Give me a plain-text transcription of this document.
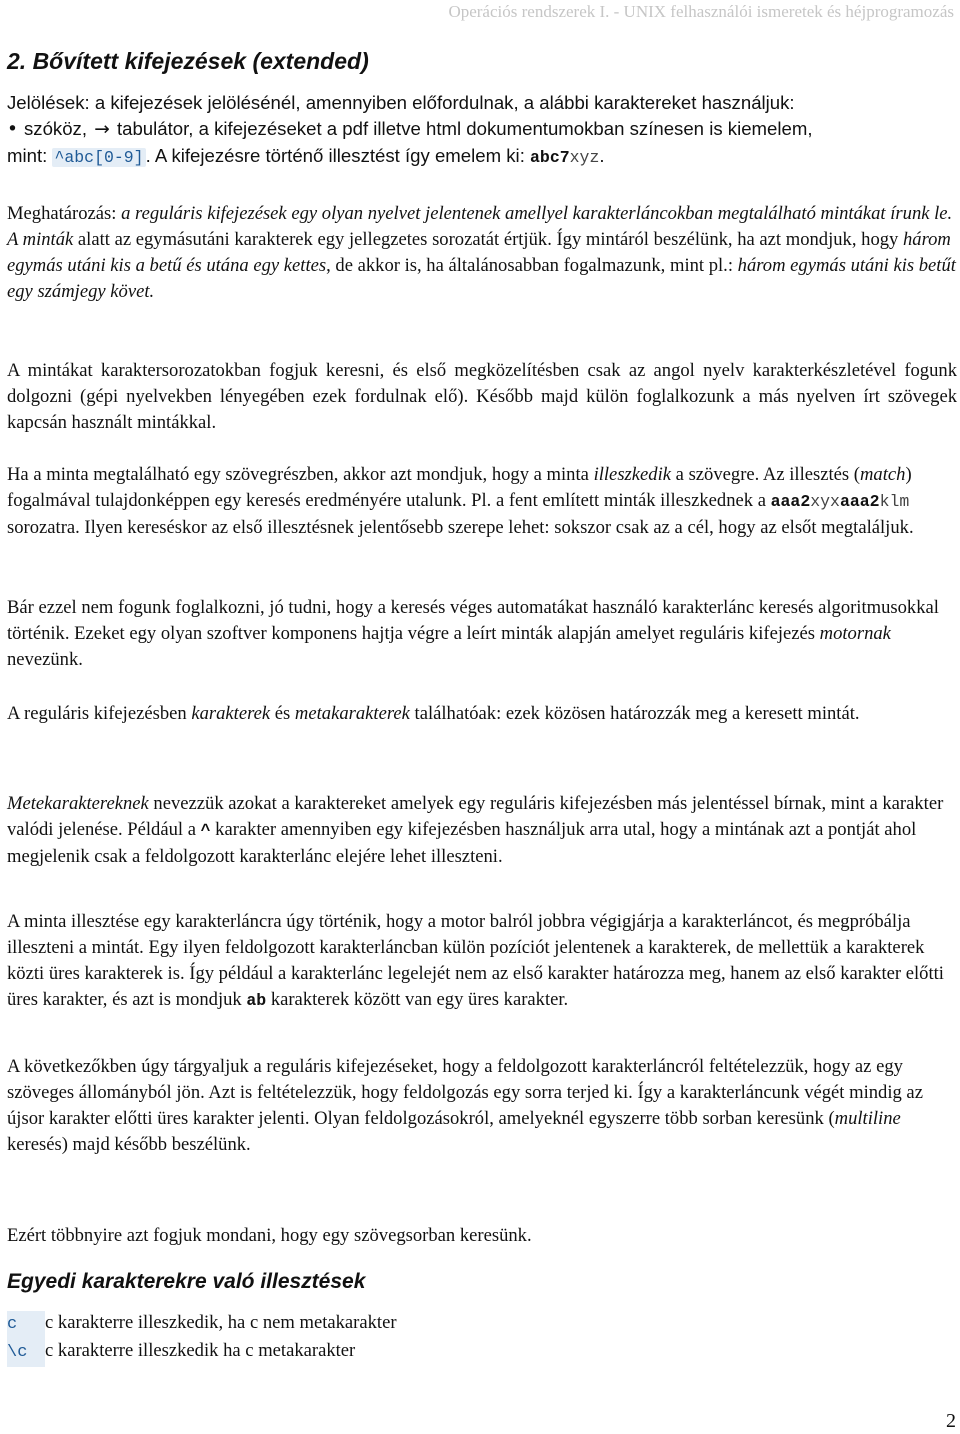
Operációs rendszerek I. - UNIX felhasználói ismeretek és héjprogramozás
2. Bővített kifejezések (extended)
Jelölések: a kifejezések jelölésénél, amennyiben előfordulnak, a alábbi karaktereket használjuk:
• szóköz, → tabulátor, a kifejezéseket a pdf illetve html dokumentumokban színesen is kiemelem,
mint: ^abc[0-9] . A kifejezésre történő illesztést így emelem ki: abc7xyz.
Meghatározás: a reguláris kifejezések egy olyan nyelvet jelentenek amellyel karakterláncokban megtalálható mintákat írunk le. A minták alatt az egymásutáni karakterek egy jellegzetes sorozatát értjük. Így mintáról beszélünk, ha azt mondjuk, hogy három egymás utáni kis a betű és utána egy kettes, de akkor is, ha általánosabban fogalmazunk, mint pl.: három egymás utáni kis betűt egy számjegy követ.
A mintákat karaktersorozatokban fogjuk keresni, és első megközelítésben csak az angol nyelv karakterkészletével fogunk dolgozni (gépi nyelvekben lényegében ezek fordulnak elő). Később majd külön foglalkozunk a más nyelven írt szövegek kapcsán használt mintákkal.
Ha a minta megtalálható egy szövegrészben, akkor azt mondjuk, hogy a minta illeszkedik a szövegre. Az illesztés (match) fogalmával tulajdonképpen egy keresés eredményére utalunk. Pl. a fent említett minták illeszkednek a aaa2xyxaaa2klm sorozatra. Ilyen kereséskor az első illesztésnek jelentősebb szerepe lehet: sokszor csak az a cél, hogy az elsőt megtaláljuk.
Bár ezzel nem fogunk foglalkozni, jó tudni, hogy a keresés véges automatákat használó karakterlánc keresés algoritmusokkal történik. Ezeket egy olyan szoftver komponens hajtja végre a leírt minták alapján amelyet reguláris kifejezés motornak nevezünk.
A reguláris kifejezésben karakterek és metakarakterek találhatóak: ezek közösen határozzák meg a keresett mintát.
Metekaraktereknek nevezzük azokat a karaktereket amelyek egy reguláris kifejezésben más jelentéssel bírnak, mint a karakter valódi jelenése. Például a ^ karakter amennyiben egy kifejezésben használjuk arra utal, hogy a mintának azt a pontját ahol megjelenik csak a feldolgozott karakterlánc elejére lehet illeszteni.
A minta illesztése egy karakterláncra úgy történik, hogy a motor balról jobbra végigjárja a karakterláncot, és megpróbálja illeszteni a mintát. Egy ilyen feldolgozott karakterláncban külön pozíciót jelentenek a karakterek, de mellettük a karakterek közti üres karakterek is. Így például a karakterlánc legelejét nem az első karakter határozza meg, hanem az első karakter előtti üres karakter, és azt is mondjuk ab karakterek között van egy üres karakter.
A következőkben úgy tárgyaljuk a reguláris kifejezéseket, hogy a feldolgozott karakterláncról feltételezzük, hogy az egy szöveges állományból jön. Azt is feltételezzük, hogy feldolgozás egy sorra terjed ki. Így a karakterláncunk végét mindig az újsor karakter előtti üres karakter jelenti. Olyan feldolgozásokról, amelyeknél egyszerre több sorban keresünk (multiline keresés) majd később beszélünk.
Ezért többnyire azt fogjuk mondani, hogy egy szövegsorban keresünk.
Egyedi karakterekre való illesztések
c c karakterre illeszkedik, ha c nem metakarakter
\c c karakterre illeszkedik ha c metakarakter
2
